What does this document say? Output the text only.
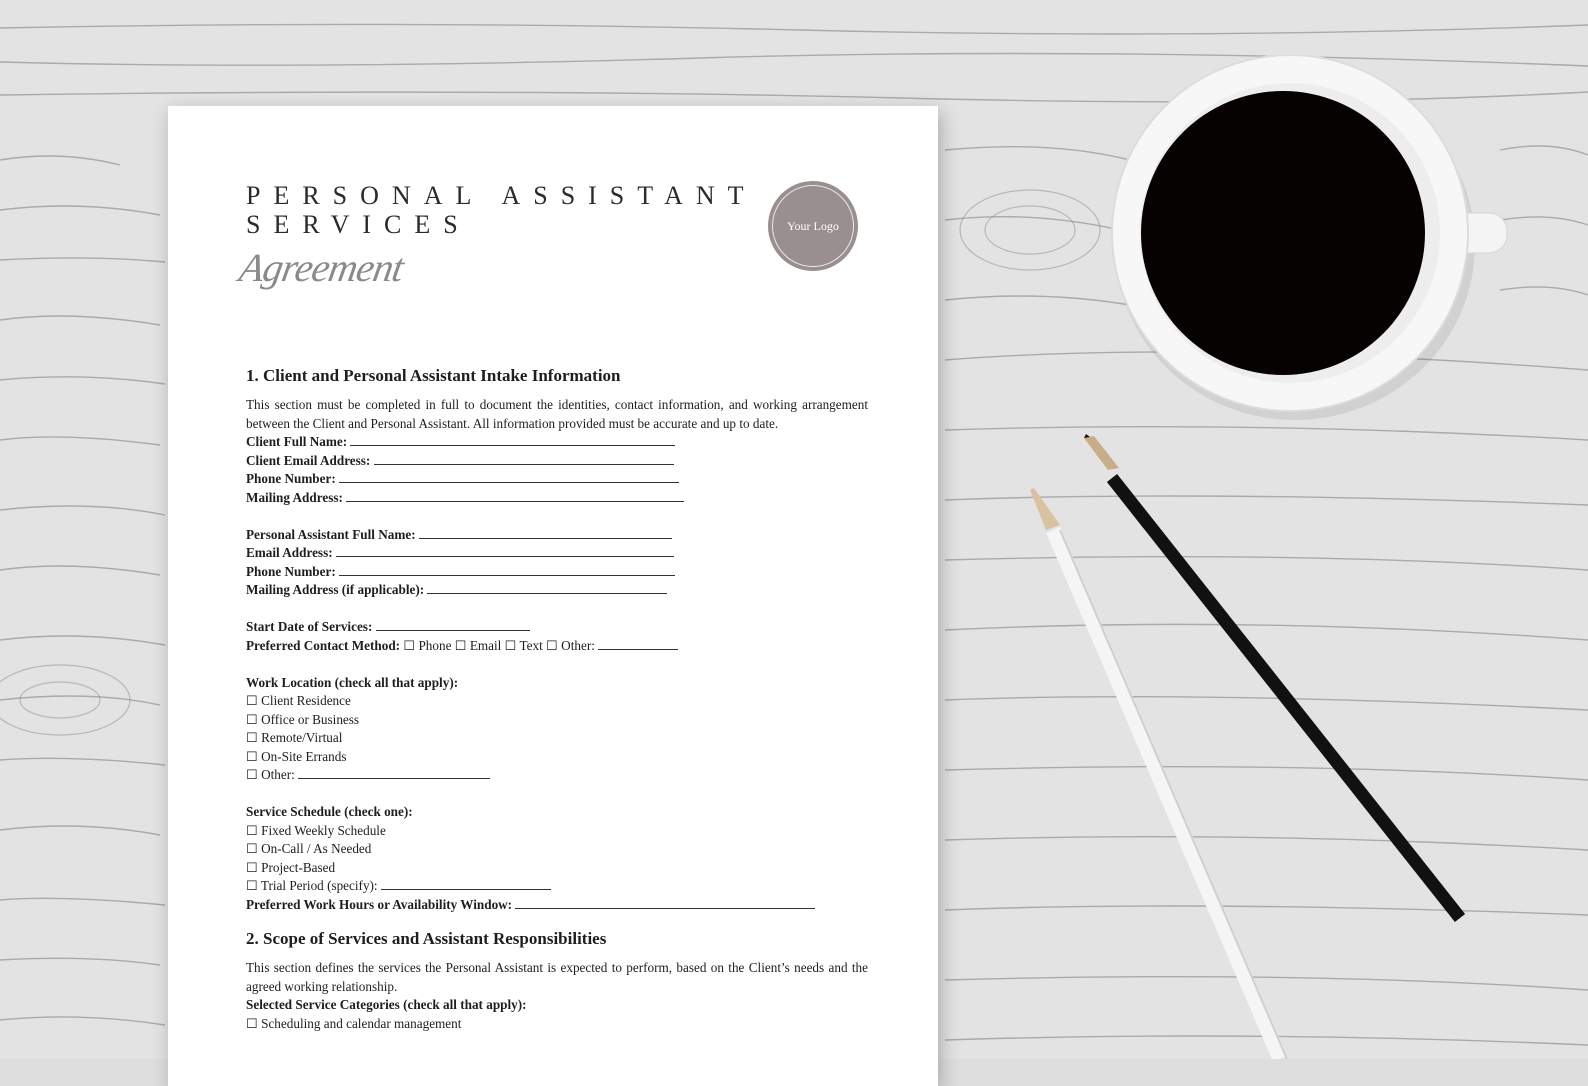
PERSONAL ASSISTANT
SERVICES
Agreement
Your Logo
1. Client and Personal Assistant Intake Information

This section must be completed in full to document the identities, contact information, and working arrangement between the Client and Personal Assistant. All information provided must be accurate and up to date.

Client Full Name:
Client Email Address:
Phone Number:
Mailing Address:
Personal Assistant Full Name:
Email Address:
Phone Number:
Mailing Address (if applicable):
Start Date of Services:
Preferred Contact Method: ☐ Phone ☐ Email ☐ Text ☐ Other:
Work Location (check all that apply):
☐ Client Residence
☐ Office or Business
☐ Remote/Virtual
☐ On-Site Errands
☐ Other:
Service Schedule (check one):
☐ Fixed Weekly Schedule
☐ On-Call / As Needed
☐ Project-Based
☐ Trial Period (specify):
Preferred Work Hours or Availability Window:
2. Scope of Services and Assistant Responsibilities

This section defines the services the Personal Assistant is expected to perform, based on the Client’s needs and the agreed working relationship.

Selected Service Categories (check all that apply):
☐ Scheduling and calendar management
